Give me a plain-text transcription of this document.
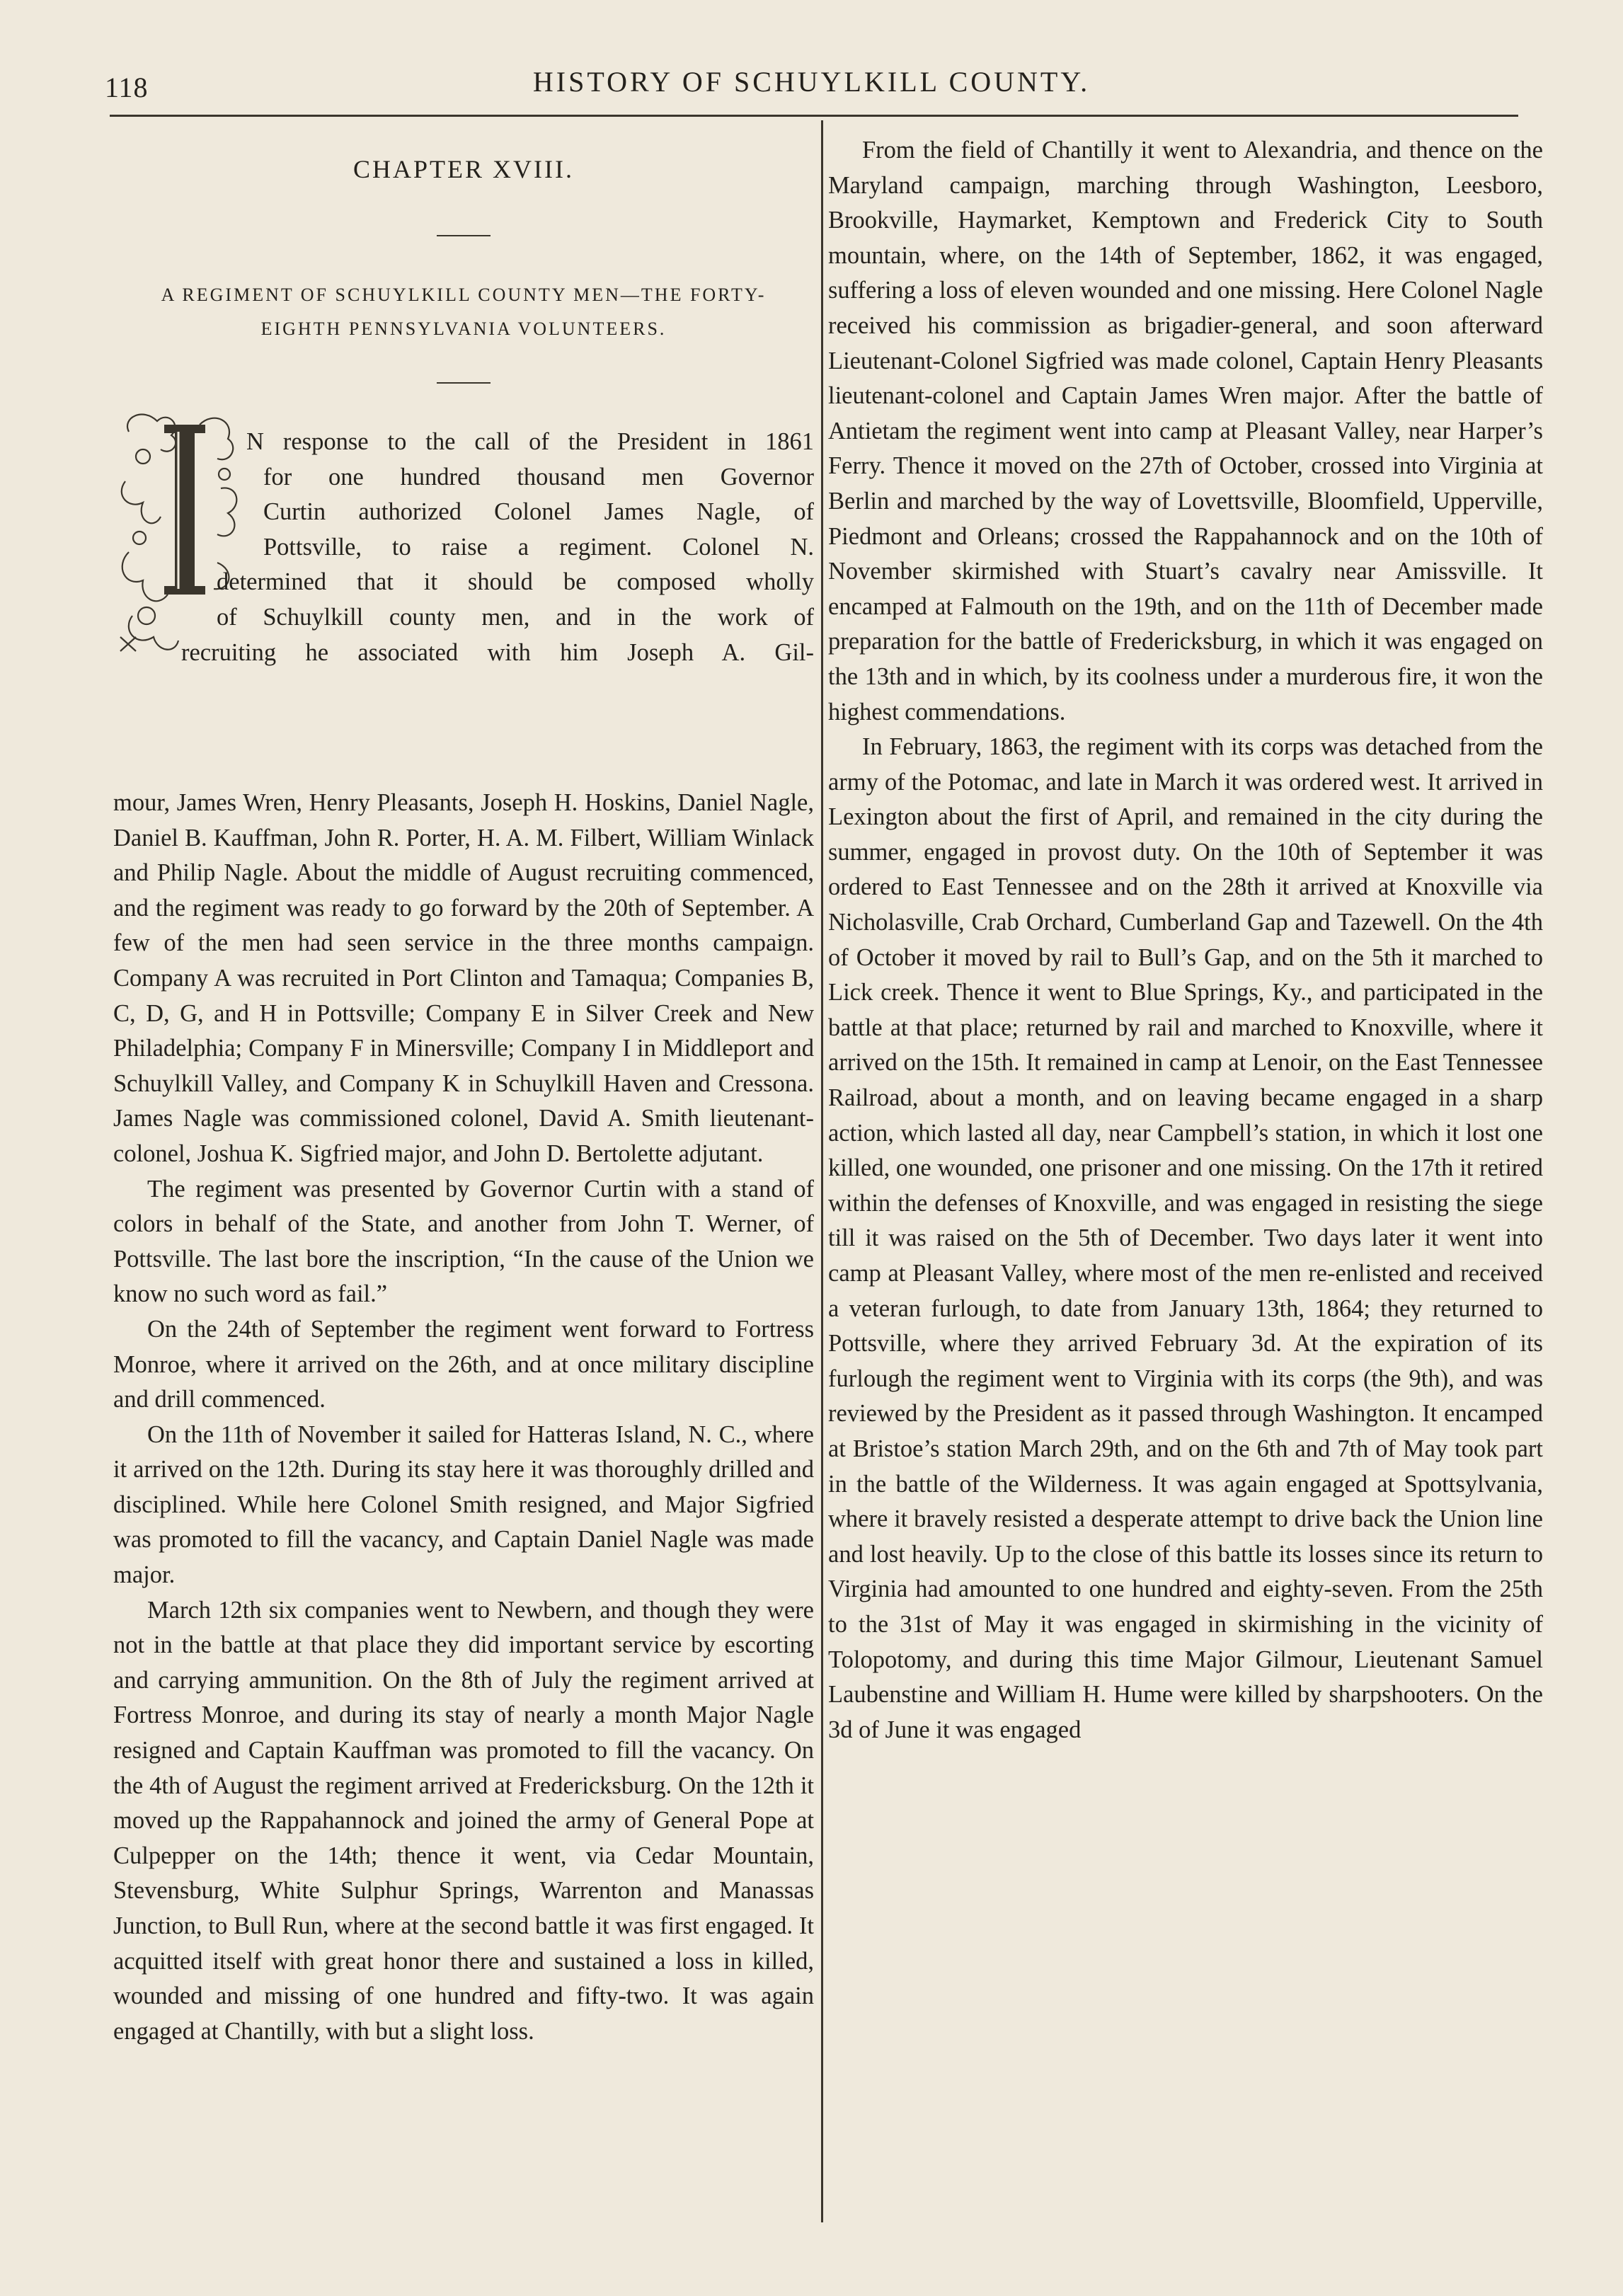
118	HISTORY OF SCHUYLKILL COUNTY.
CHAPTER XVIII.
A REGIMENT OF SCHUYLKILL COUNTY MEN—THE FORTY-
EIGHTH PENNSYLVANIA VOLUNTEERS.
N response to the call of the President in 1861
for one hundred thousand men Governor
Curtin authorized Colonel James Nagle, of
Pottsville, to raise a regiment. Colonel N.
determined that it should be composed wholly
of Schuylkill county men, and in the work of
recruiting he associated with him Joseph A. Gil-

mour, James Wren, Henry Pleasants, Joseph H. Hoskins, Daniel Nagle, Daniel B. Kauffman, John R. Porter, H. A. M. Filbert, William Winlack and Philip Nagle. About the middle of August recruiting commenced, and the regiment was ready to go forward by the 20th of September. A few of the men had seen service in the three months campaign. Company A was recruited in Port Clinton and Tamaqua; Companies B, C, D, G, and H in Pottsville; Company E in Silver Creek and New Philadelphia; Company F in Minersville; Company I in Middleport and Schuylkill Valley, and Company K in Schuylkill Haven and Cressona. James Nagle was commissioned colonel, David A. Smith lieutenant-colonel, Joshua K. Sigfried major, and John D. Bertolette adjutant.

The regiment was presented by Governor Curtin with a stand of colors in behalf of the State, and another from John T. Werner, of Pottsville. The last bore the inscription, “In the cause of the Union we know no such word as fail.”

On the 24th of September the regiment went forward to Fortress Monroe, where it arrived on the 26th, and at once military discipline and drill commenced.

On the 11th of November it sailed for Hatteras Island, N. C., where it arrived on the 12th. During its stay here it was thoroughly drilled and disciplined. While here Colonel Smith resigned, and Major Sigfried was promoted to fill the vacancy, and Captain Daniel Nagle was made major.

March 12th six companies went to Newbern, and though they were not in the battle at that place they did important service by escorting and carrying ammunition. On the 8th of July the regiment arrived at Fortress Monroe, and during its stay of nearly a month Major Nagle resigned and Captain Kauffman was promoted to fill the vacancy. On the 4th of August the regiment arrived at Fredericksburg. On the 12th it moved up the Rappahannock and joined the army of General Pope at Culpepper on the 14th; thence it went, via Cedar Mountain, Stevensburg, White Sulphur Springs, Warrenton and Manassas Junction, to Bull Run, where at the second battle it was first engaged. It acquitted itself with great honor there and sustained a loss in killed, wounded and missing of one hundred and fifty-two. It was again engaged at Chantilly, with but a slight loss.

From the field of Chantilly it went to Alexandria, and thence on the Maryland campaign, marching through Washington, Leesboro, Brookville, Haymarket, Kemptown and Frederick City to South mountain, where, on the 14th of September, 1862, it was engaged, suffering a loss of eleven wounded and one missing. Here Colonel Nagle received his commission as brigadier-general, and soon afterward Lieutenant-Colonel Sigfried was made colonel, Captain Henry Pleasants lieutenant-colonel and Captain James Wren major. After the battle of Antietam the regiment went into camp at Pleasant Valley, near Harper’s Ferry. Thence it moved on the 27th of October, crossed into Virginia at Berlin and marched by the way of Lovettsville, Bloomfield, Upperville, Piedmont and Orleans; crossed the Rappahannock and on the 10th of November skirmished with Stuart’s cavalry near Amissville. It encamped at Falmouth on the 19th, and on the 11th of December made preparation for the battle of Fredericksburg, in which it was engaged on the 13th and in which, by its coolness under a murderous fire, it won the highest commendations.

In February, 1863, the regiment with its corps was detached from the army of the Potomac, and late in March it was ordered west. It arrived in Lexington about the first of April, and remained in the city during the summer, engaged in provost duty. On the 10th of September it was ordered to East Tennessee and on the 28th it arrived at Knoxville via Nicholasville, Crab Orchard, Cumberland Gap and Tazewell. On the 4th of October it moved by rail to Bull’s Gap, and on the 5th it marched to Lick creek. Thence it went to Blue Springs, Ky., and participated in the battle at that place; returned by rail and marched to Knoxville, where it arrived on the 15th. It remained in camp at Lenoir, on the East Tennessee Railroad, about a month, and on leaving became engaged in a sharp action, which lasted all day, near Campbell’s station, in which it lost one killed, one wounded, one prisoner and one missing. On the 17th it retired within the defenses of Knoxville, and was engaged in resisting the siege till it was raised on the 5th of December. Two days later it went into camp at Pleasant Valley, where most of the men re-enlisted and received a veteran furlough, to date from January 13th, 1864; they returned to Pottsville, where they arrived February 3d. At the expiration of its furlough the regiment went to Virginia with its corps (the 9th), and was reviewed by the President as it passed through Washington. It encamped at Bristoe’s station March 29th, and on the 6th and 7th of May took part in the battle of the Wilderness. It was again engaged at Spottsylvania, where it bravely resisted a desperate attempt to drive back the Union line and lost heavily. Up to the close of this battle its losses since its return to Virginia had amounted to one hundred and eighty-seven. From the 25th to the 31st of May it was engaged in skirmishing in the vicinity of Tolopotomy, and during this time Major Gilmour, Lieutenant Samuel Laubenstine and William H. Hume were killed by sharpshooters. On the 3d of June it was engaged
